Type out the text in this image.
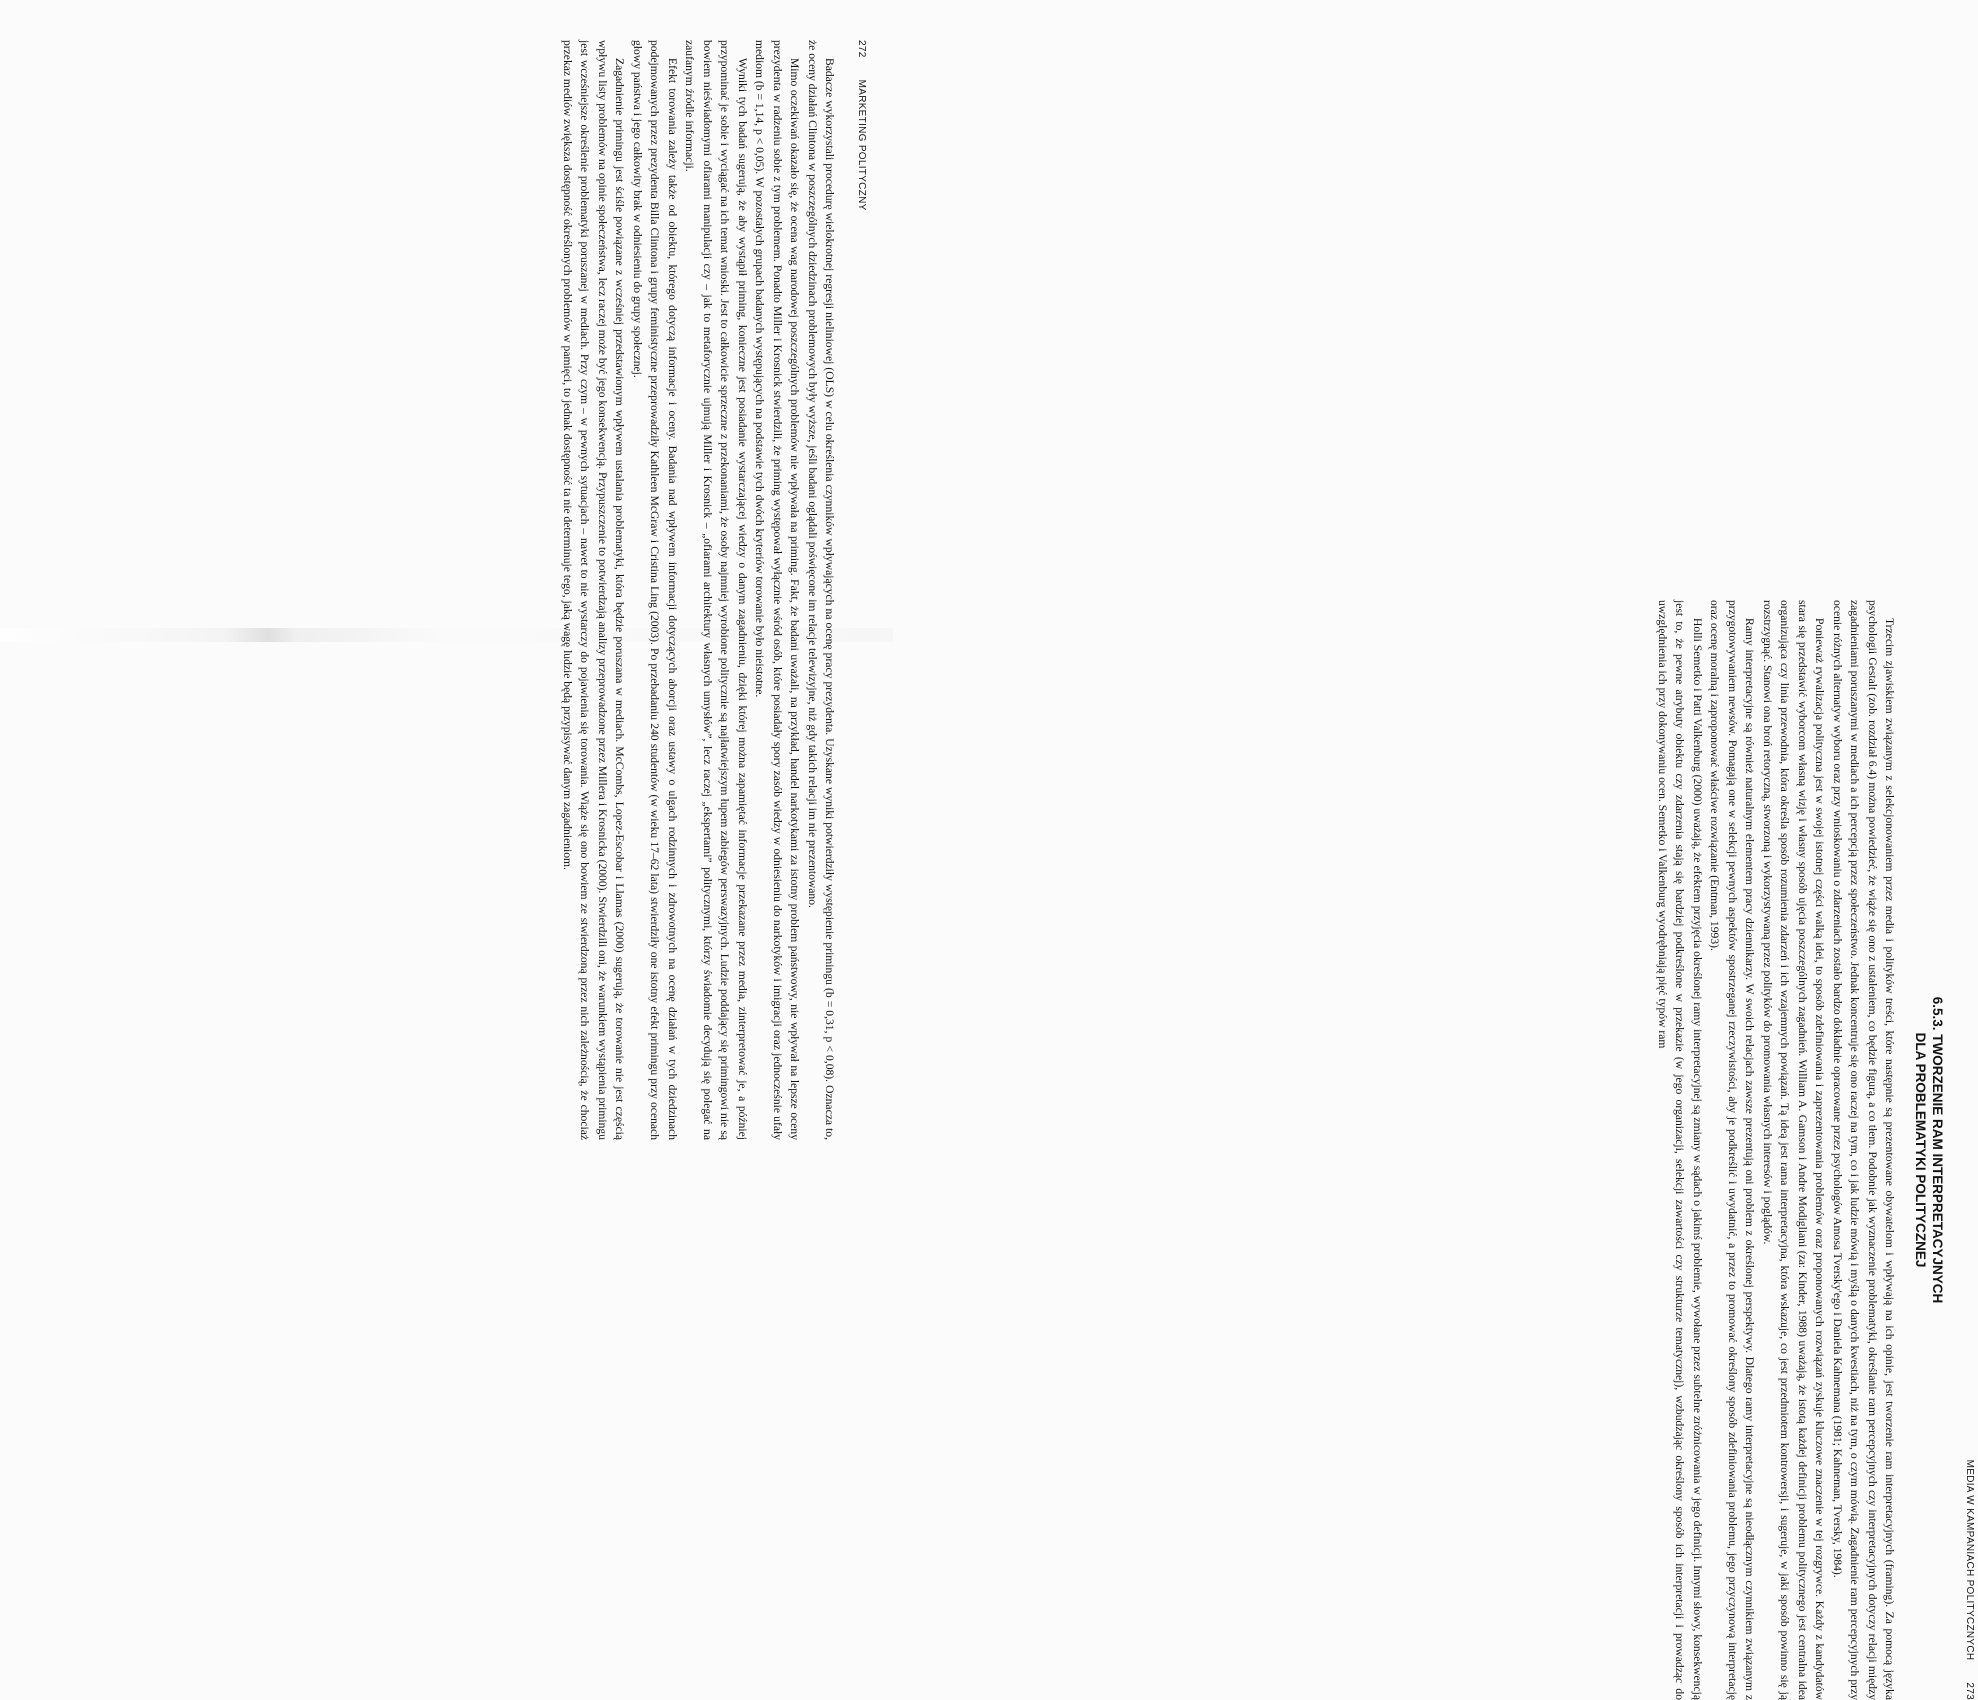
272
MARKETING POLITYCZNY

Badacze wykorzystali procedurę wielokrotnej regresji nieliniowej (OLS) w celu określenia czynników wpływających na ocenę pracy prezydenta. Uzyskane wyniki potwierdziły występienie primingu (b = 0,31, p < 0,08). Oznacza to, że oceny działań Clintona w poszczególnych dziedzinach problemowych były wyższe, jeśli badani oglądali poświęcone im relacje telewizyjne, niż gdy takich relacji im nie prezentowano.

Mimo oczekiwań okazało się, że ocena wag narodowej poszczególnych problemów nie wpływała na priming. Fakt, że badani uważali, na przykład, handel narkotykami za istotny problem państwowy, nie wpływał na lepsze oceny prezydenta w radzeniu sobie z tym problemem. Ponadto Miller i Krosnick stwierdzili, że priming występował wyłącznie wśród osób, które posiadały spory zasób wiedzy w odniesieniu do narkotyków i imigracji oraz jednocześnie ufały mediom (b = 1,14, p < 0,05). W pozostałych grupach badanych występujących na podstawie tych dwóch kryteriów torowanie było nieistotne.

Wyniki tych badań sugerują, że aby wystąpił priming, konieczne jest posiadanie wystarczającej wiedzy o danym zagadnieniu, dzięki której można zapamiętać informacje przekazane przez media, zinterpretować je, a później przypominać je sobie i wyciągać na ich temat wnioski. Jest to całkowicie sprzeczne z przekonaniami, że osoby najmniej wyrobione politycznie są najłatwiejszym łupem zabiegów perswazyjnych. Ludzie poddający się primingowi nie są bowiem nieświadomymi ofiarami manipulacji czy – jak to metaforycznie ujmują Miller i Krosnick – „ofiarami architektury własnych umysłów”, lecz raczej „ekspertami” politycznymi, którzy świadomie decydują się polegać na zaufanym źródle informacji.

Efekt torowania zależy także od obiektu, którego dotyczą informacje i oceny. Badania nad wpływem informacji dotyczących aborcji oraz ustawy o ulgach rodzinnych i zdrowotnych na ocenę działań w tych dziedzinach podejmowanych przez prezydenta Billa Clintona i grupy feministyczne przeprowadziły Kathleen McGraw i Cristina Ling (2003). Po przebadaniu 240 studentów (w wieku 17–62 lata) stwierdziły one istotny efekt primingu przy ocenach głowy państwa i jego całkowity brak w odniesieniu do grupy społecznej.

Zagadnienie primingu jest ściśle powiązane z wcześniej przedstawionym wpływem ustalania problematyki, która będzie poruszana w mediach. McCombs, Lopez-Escobar i Llamas (2000) sugerują, że torowanie nie jest częścią wpływu listy problemów na opinie społeczeństwa, lecz raczej może być jego konsekwencją. Przypuszczenie to potwierdzają analizy przeprowadzone przez Millera i Krosnicka (2000). Stwierdzili oni, że warunkiem wystąpienia primingu jest wcześniejsze określenie problematyki poruszanej w mediach. Przy czym – w pewnych sytuacjach – nawet to nie wystarczy do pojawienia się torowania. Wiąże się ono bowiem ze stwierdzoną przez nich zależnością, że chociaż przekaz mediów zwiększa dostępność określonych problemów w pamięci, to jednak dostępność ta nie determinuje tego, jaką wagę ludzie będą przypisywać danym zagadnieniom.

MEDIA W KAMPANIACH POLITYCZNYCH
273
6.5.3. TWORZENIE RAM INTERPRETACYJNYCH
DLA PROBLEMATYKI POLITYCZNEJ

Trzecim zjawiskiem związanym z selekcjonowaniem przez media i polityków treści, które następnie są prezentowane obywatelom i wpływają na ich opinie, jest tworzenie ram interpretacyjnych (framing). Za pomocą języka psychologii Gestalt (zob. rozdział 6.4) można powiedzieć, że wiąże się ono z ustaleniem, co będzie figurą, a co tłem. Podobnie jak wyznaczenie problematyki, określanie ram percepcyjnych czy interpretacyjnych dotyczy relacji między zagadnieniami poruszanymi w mediach a ich percepcją przez społeczeństwo. Jednak koncentruje się ono raczej na tym, co i jak ludzie mówią i myślą o danych kwestiach, niż na tym, o czym mówią. Zagadnienie ram percepcyjnych przy ocenie różnych alternatyw wyboru oraz przy wnioskowaniu o zdarzeniach zostało bardzo dokładnie opracowane przez psychologów Amosa Tversky'ego i Daniela Kahnemana (1981; Kahneman, Tversky, 1984).

Ponieważ rywalizacja polityczna jest w swojej istotnej części walką idei, to sposób zdefiniowania i zaprezentowania problemów oraz proponowanych rozwiązań zyskuje kluczowe znaczenie w tej rozgrywce. Każdy z kandydatów stara się przedstawić wyborcom własną wizję i własny sposób ujęcia poszczególnych zagadnień. William A. Gamson i Andre Modigliani (za: Kinder, 1988) uważają, że istotą każdej definicji problemu politycznego jest centralna idea organizująca czy linia przewodnia, która określa sposób rozumienia zdarzeń i ich wzajemnych powiązań. Tą ideą jest rama interpretacyjna, która wskazuje, co jest przedmiotem kontrowersji, i sugeruje, w jaki sposób powinno się ją rozstrzygnąć. Stanowi ona broń retoryczną, stworzoną i wykorzystywaną przez polityków do promowania własnych interesów i poglądów.

Ramy interpretacyjne są również naturalnym elementem pracy dziennikarzy. W swoich relacjach zawsze prezentują oni problem z określonej perspektywy. Dlatego ramy interpretacyjne są nieodłącznym czynnikiem związanym z przygotowywaniem newsów. Pomagają one w selekcji pewnych aspektów spostrzeganej rzeczywistości, aby je podkreślić i uwydatnić, a przez to promować określony sposób zdefiniowania problemu, jego przyczynową interpretację oraz ocenę moralną i zaproponować właściwe rozwiązanie (Entman, 1993).

Holli Semetko i Patti Valkenburg (2000) uważają, że efektem przyjęcia określonej ramy interpretacyjnej są zmiany w sądach o jakimś problemie, wywołane przez subtelne zróżnicowania w jego definicji. Innymi słowy, konsekwencją jest to, że pewne atrybuty obiektu czy zdarzenia stają się bardziej podkreślone w przekazie (w jego organizacji, selekcji zawartości czy strukturze tematycznej), wzbudzając określony sposób ich interpretacji i prowadząc do uwzględnienia ich przy dokonywaniu ocen. Semetko i Valkenburg wyodrębniają pięć typów ram
